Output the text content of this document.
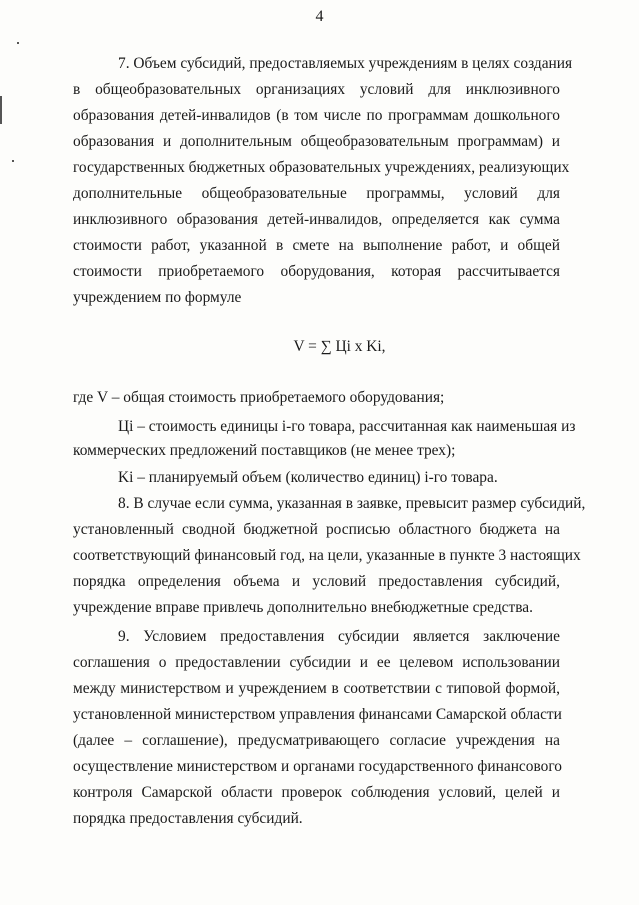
4
7. Объем субсидий, предоставляемых учреждениям в целях создания
в общеобразовательных организациях условий для инклюзивного
образования детей-инвалидов (в том числе по программам дошкольного
образования и дополнительным общеобразовательным программам) и
государственных бюджетных образовательных учреждениях, реализующих
дополнительные общеобразовательные программы, условий для
инклюзивного образования детей-инвалидов, определяется как сумма
стоимости работ, указанной в смете на выполнение работ, и общей
стоимости приобретаемого оборудования, которая рассчитывается
учреждением по формуле
V = ∑ Цi x Ki,
где V – общая стоимость приобретаемого оборудования;
Цi – стоимость единицы i-го товара, рассчитанная как наименьшая из
коммерческих предложений поставщиков (не менее трех);
Ki – планируемый объем (количество единиц) i-го товара.
8. В случае если сумма, указанная в заявке, превысит размер субсидий,
установленный сводной бюджетной росписью областного бюджета на
соответствующий финансовый год, на цели, указанные в пункте 3 настоящих
порядка определения объема и условий предоставления субсидий,
учреждение вправе привлечь дополнительно внебюджетные средства.
9. Условием предоставления субсидии является заключение
соглашения о предоставлении субсидии и ее целевом использовании
между министерством и учреждением в соответствии с типовой формой,
установленной министерством управления финансами Самарской области
(далее – соглашение), предусматривающего согласие учреждения на
осуществление министерством и органами государственного финансового
контроля Самарской области проверок соблюдения условий, целей и
порядка предоставления субсидий.
